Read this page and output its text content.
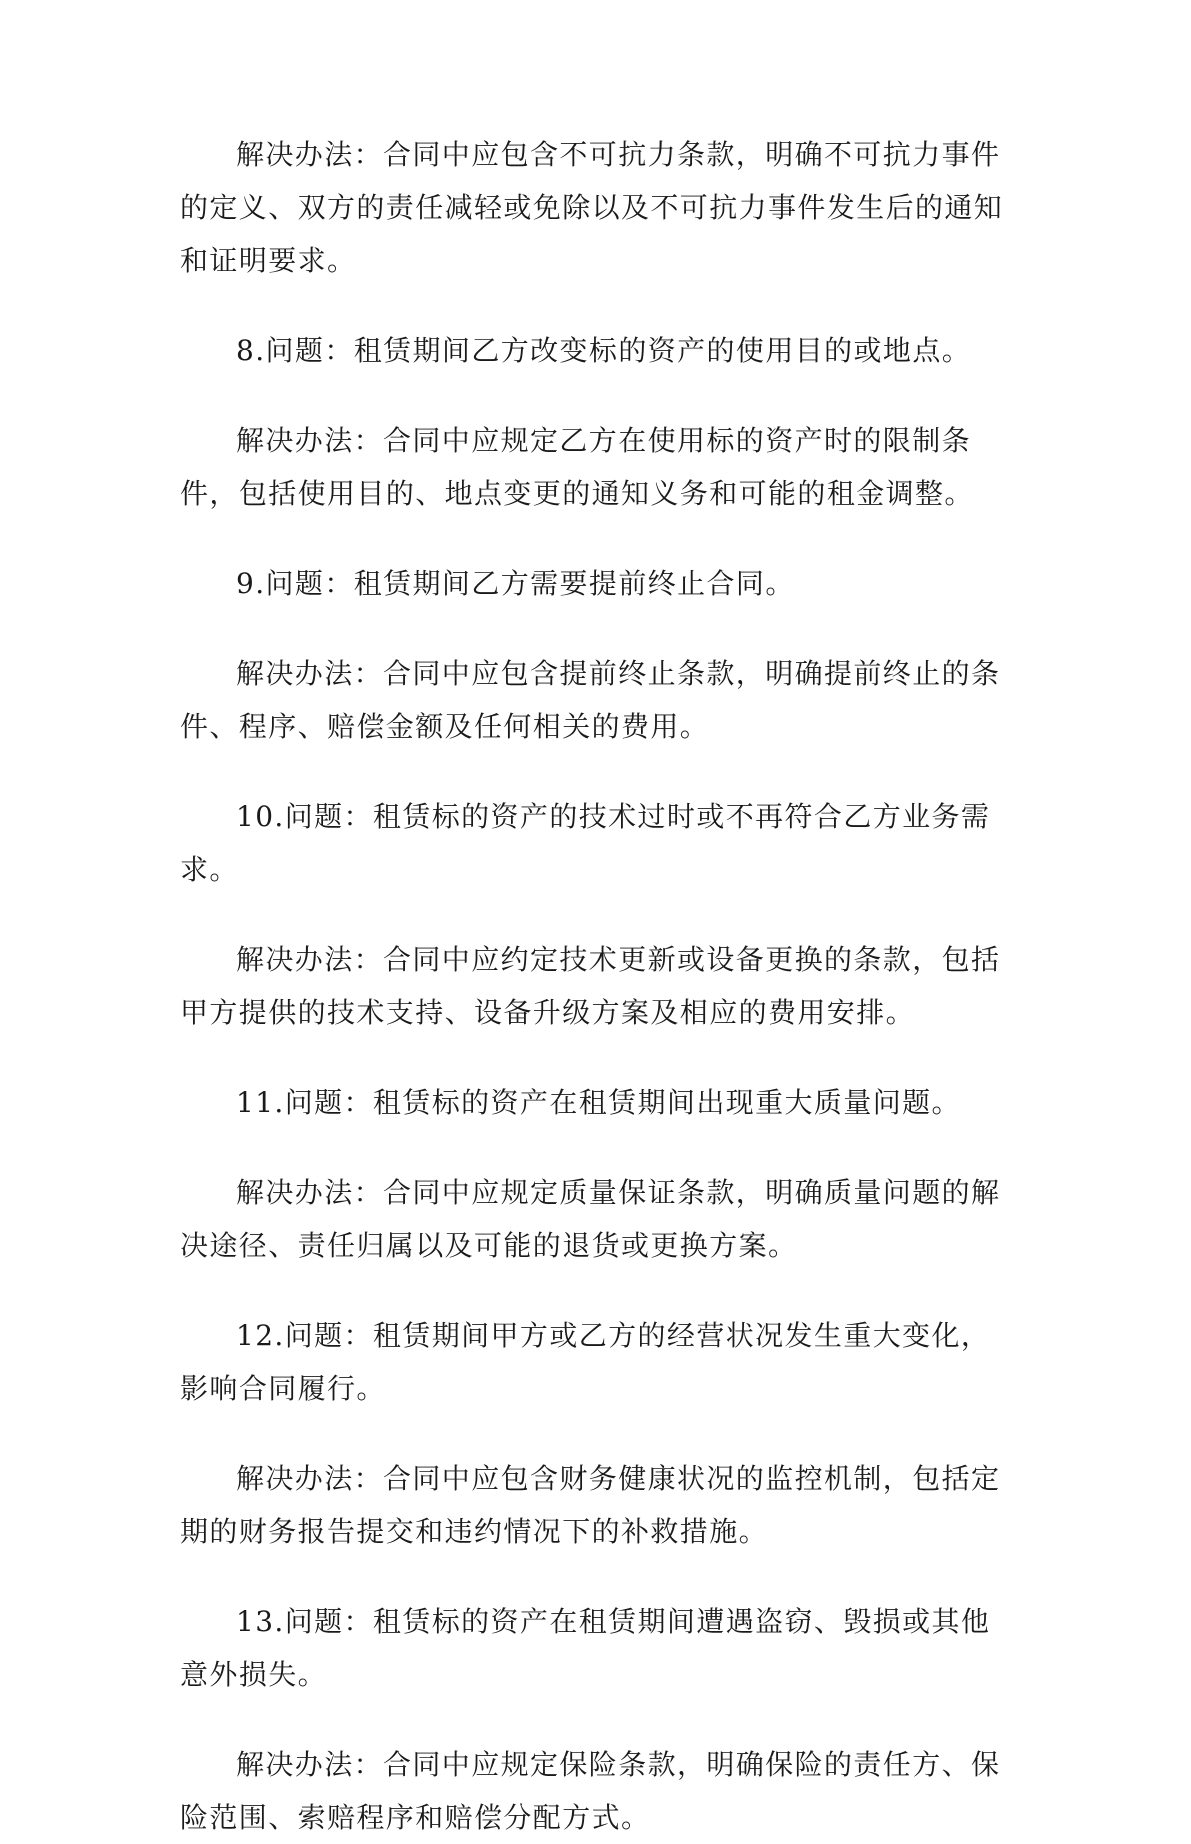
解决办法：合同中应包含不可抗力条款，明确不可抗力事件的定义、双方的责任减轻或免除以及不可抗力事件发生后的通知和证明要求。

8.问题：租赁期间乙方改变标的资产的使用目的或地点。

解决办法：合同中应规定乙方在使用标的资产时的限制条件，包括使用目的、地点变更的通知义务和可能的租金调整。

9.问题：租赁期间乙方需要提前终止合同。

解决办法：合同中应包含提前终止条款，明确提前终止的条件、程序、赔偿金额及任何相关的费用。

10.问题：租赁标的资产的技术过时或不再符合乙方业务需求。

解决办法：合同中应约定技术更新或设备更换的条款，包括甲方提供的技术支持、设备升级方案及相应的费用安排。

11.问题：租赁标的资产在租赁期间出现重大质量问题。

解决办法：合同中应规定质量保证条款，明确质量问题的解决途径、责任归属以及可能的退货或更换方案。

12.问题：租赁期间甲方或乙方的经营状况发生重大变化，影响合同履行。

解决办法：合同中应包含财务健康状况的监控机制，包括定期的财务报告提交和违约情况下的补救措施。

13.问题：租赁标的资产在租赁期间遭遇盗窃、毁损或其他意外损失。

解决办法：合同中应规定保险条款，明确保险的责任方、保险范围、索赔程序和赔偿分配方式。
